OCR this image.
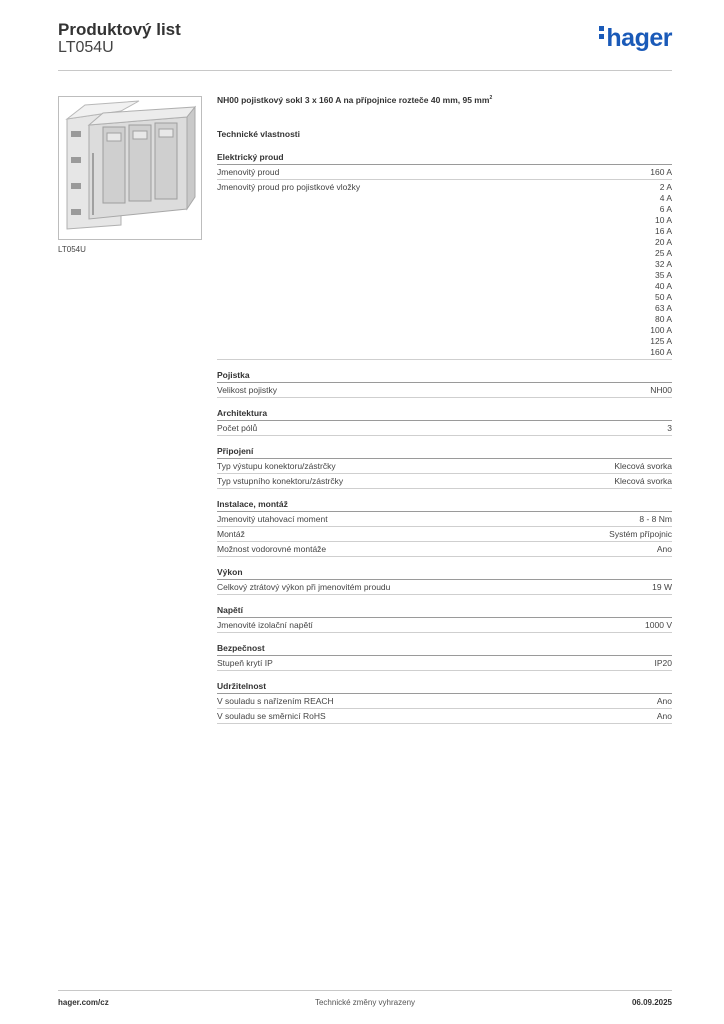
Produktový list
LT054U	hager
LT054U
NH00 pojistkový sokl 3 x 160 A na přípojnice rozteče 40 mm, 95 $mm^2$
Technické vlastnosti
Elektrický proud
Jmenovitý proud	160 A
Jmenovitý proud pro pojistkové vložky	2 A
4 A
6 A
10 A
16 A
20 A
25 A
32 A
35 A
40 A
50 A
63 A
80 A
100 A
125 A
160 A
Pojistka
Velikost pojistky	NH00
Architektura
Počet pólů	3
Připojení
Typ výstupu konektoru/zástrčky	Klecová svorka
Typ vstupního konektoru/zástrčky	Klecová svorka
Instalace, montáž
Jmenovitý utahovací moment	8 - 8 Nm
Montáž	Systém přípojnic
Možnost vodorovné montáže	Ano
Výkon
Celkový ztrátový výkon při jmenovitém proudu	19 W
Napětí
Jmenovité izolační napětí	1000 V
Bezpečnost
Stupeň krytí IP	IP20
Udržitelnost
V souladu s nařízením REACH	Ano
V souladu se směrnicí RoHS	Ano
hager.com/cz	Technické změny vyhrazeny	06.09.2025
